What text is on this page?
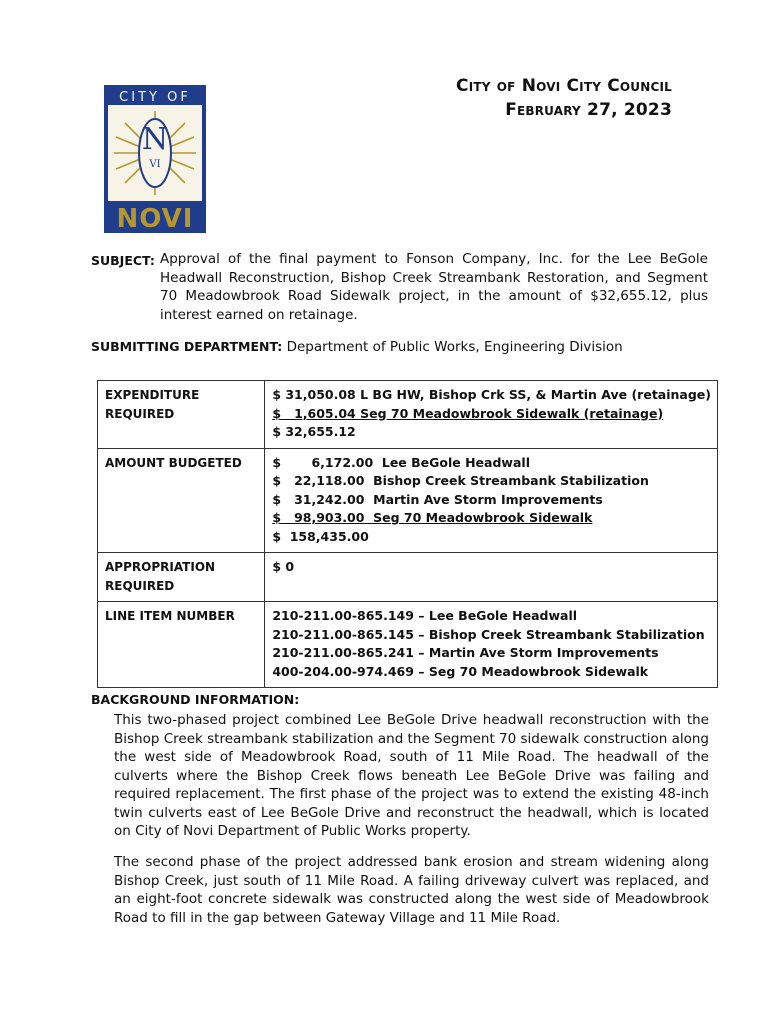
CITY OF
N
VI
NOVI
City of Novi City Council
February 27, 2023
SUBJECT: Approval of the final payment to Fonson Company, Inc. for the Lee BeGole Headwall Reconstruction, Bishop Creek Streambank Restoration, and Segment 70 Meadowbrook Road Sidewalk project, in the amount of $32,655.12, plus interest earned on retainage.
SUBMITTING DEPARTMENT: Department of Public Works, Engineering Division
EXPENDITURE REQUIRED	$ 31,050.08 L BG HW, Bishop Crk SS, & Martin Ave (retainage)
$   1,605.04 Seg 70 Meadowbrook Sidewalk (retainage)
$ 32,655.12

AMOUNT BUDGETED	$       6,172.00  Lee BeGole Headwall
$   22,118.00  Bishop Creek Streambank Stabilization
$   31,242.00  Martin Ave Storm Improvements
$   98,903.00  Seg 70 Meadowbrook Sidewalk
$  158,435.00

APPROPRIATION REQUIRED	$ 0
LINE ITEM NUMBER	210-211.00-865.149 – Lee BeGole Headwall
210-211.00-865.145 – Bishop Creek Streambank Stabilization
210-211.00-865.241 – Martin Ave Storm Improvements
400-204.00-974.469 – Seg 70 Meadowbrook Sidewalk
BACKGROUND INFORMATION:
This two-phased project combined Lee BeGole Drive headwall reconstruction with the Bishop Creek streambank stabilization and the Segment 70 sidewalk construction along the west side of Meadowbrook Road, south of 11 Mile Road. The headwall of the culverts where the Bishop Creek flows beneath Lee BeGole Drive was failing and required replacement. The first phase of the project was to extend the existing 48-inch twin culverts east of Lee BeGole Drive and reconstruct the headwall, which is located on City of Novi Department of Public Works property.
The second phase of the project addressed bank erosion and stream widening along Bishop Creek, just south of 11 Mile Road. A failing driveway culvert was replaced, and an eight-foot concrete sidewalk was constructed along the west side of Meadowbrook Road to fill in the gap between Gateway Village and 11 Mile Road.
